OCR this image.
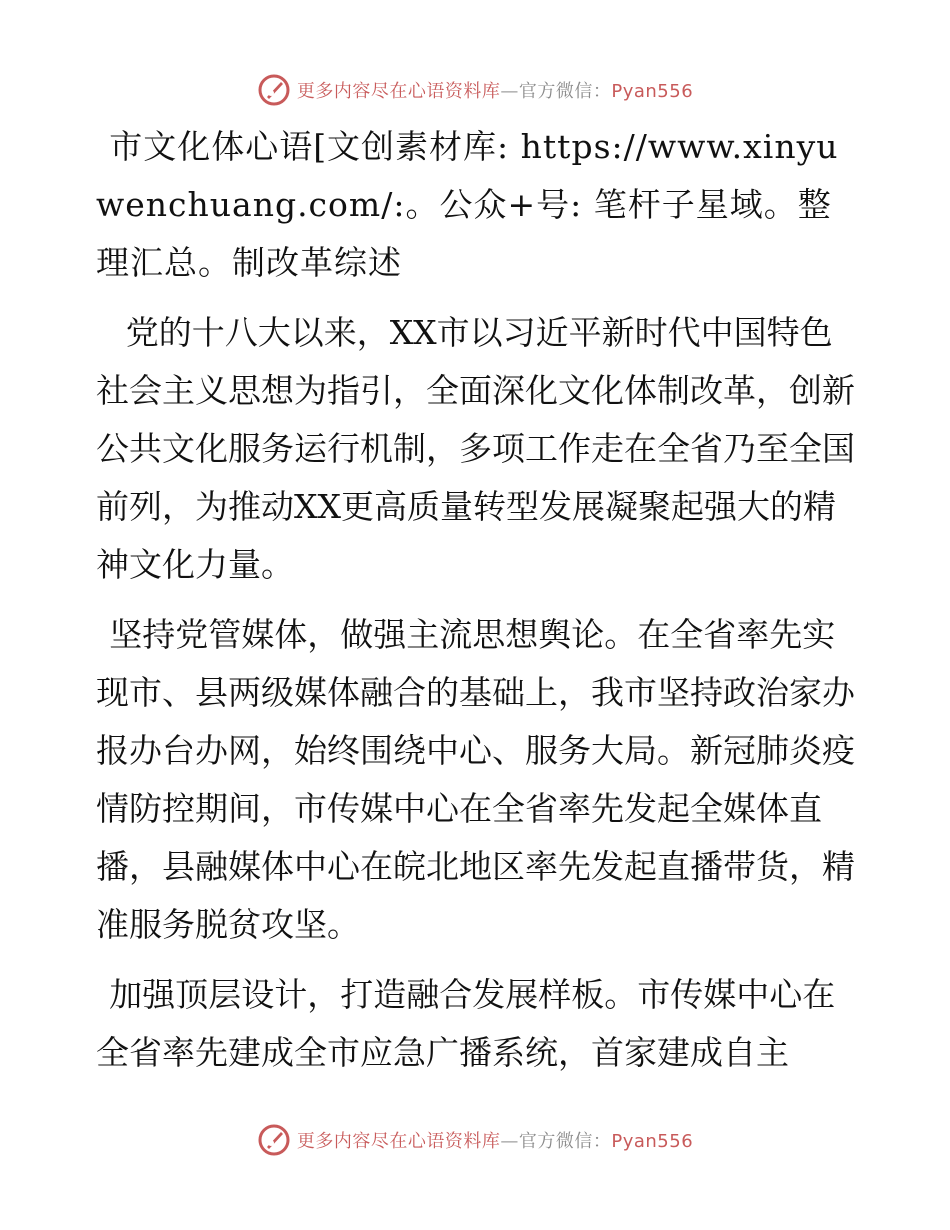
更多内容尽在心语资料库—官方微信：Pyan556

市文化体心语[文创素材库: https://www.xinyuwenchuang.com/:。公众+号: 笔杆子星域。整理汇总。制改革综述

党的十八大以来，XX市以习近平新时代中国特色社会主义思想为指引，全面深化文化体制改革，创新公共文化服务运行机制，多项工作走在全省乃至全国前列，为推动XX更高质量转型发展凝聚起强大的精神文化力量。

坚持党管媒体，做强主流思想舆论。在全省率先实现市、县两级媒体融合的基础上，我市坚持政治家办报办台办网，始终围绕中心、服务大局。新冠肺炎疫情防控期间，市传媒中心在全省率先发起全媒体直播，县融媒体中心在皖北地区率先发起直播带货，精准服务脱贫攻坚。

加强顶层设计，打造融合发展样板。市传媒中心在全省率先建成全市应急广播系统，首家建成自主

更多内容尽在心语资料库—官方微信：Pyan556
